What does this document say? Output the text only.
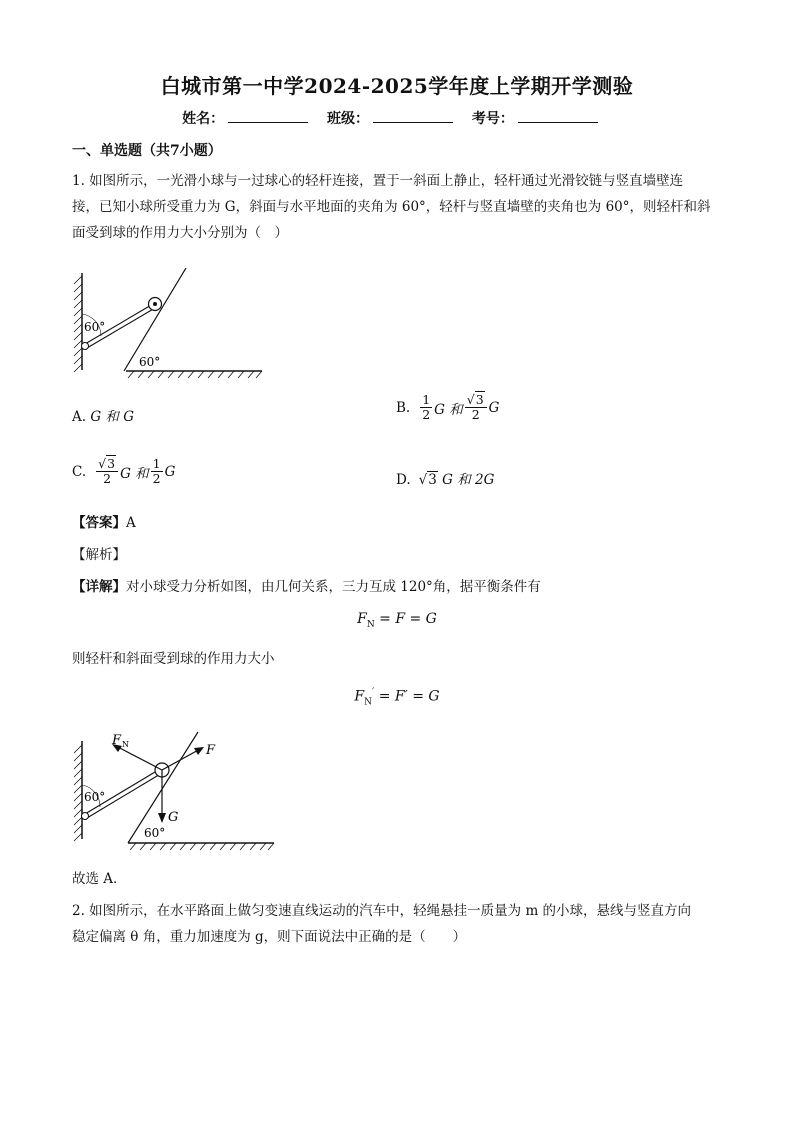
白城市第一中学2024-2025学年度上学期开学测验
姓名：	班级：	考号：
一、单选题（共7小题）
1. 如图所示，一光滑小球与一过球心的轻杆连接，置于一斜面上静止，轻杆通过光滑铰链与竖直墙壁连
接，已知小球所受重力为 G，斜面与水平地面的夹角为 60°，轻杆与竖直墙壁的夹角也为 60°，则轻杆和斜
面受到球的作用力大小分别为（　）
60°
60°
A. G 和 G
B. $\frac{1}{2}$ G 和 $\frac{√3}{2}$ G
C. $\frac{√3}{2}$ G 和 $\frac{1}{2}$ G
D. √3 G 和 2G
【答案】A
【解析】
【详解】对小球受力分析如图，由几何关系，三力互成 120°角，据平衡条件有
$F_N = F = G$
则轻杆和斜面受到球的作用力大小
$F_N' = F' = G$
F N	F
G
60°
60°
故选 A．
2. 如图所示，在水平路面上做匀变速直线运动的汽车中，轻绳悬挂一质量为 m 的小球，悬线与竖直方向
稳定偏离 θ 角，重力加速度为 g，则下面说法中正确的是（　　）
